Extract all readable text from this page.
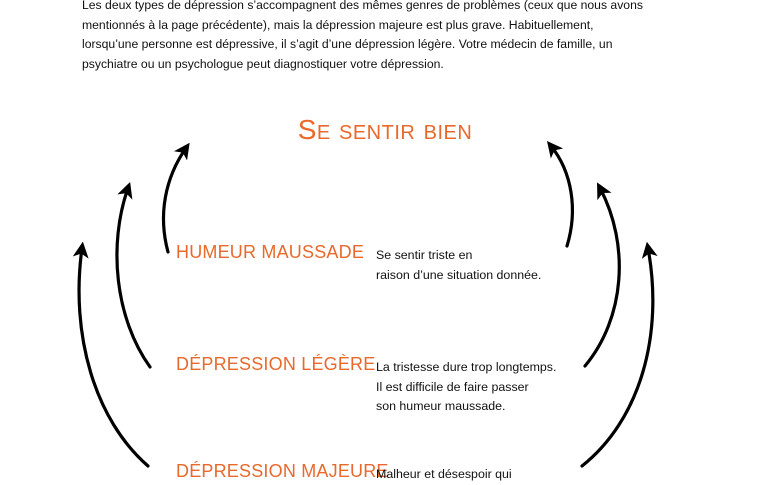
Les deux types de dépression s’accompagnent des mêmes genres de problèmes (ceux que nous avons
mentionnés à la page précédente), mais la dépression majeure est plus grave. Habituellement,
lorsqu’une personne est dépressive, il s’agit d’une dépression légère. Votre médecin de famille, un
psychiatre ou un psychologue peut diagnostiquer votre dépression.
Se sentir bien
HUMEUR MAUSSADE Se sentir triste en
raison d’une situation donnée.
DÉPRESSION LÉGÈRE La tristesse dure trop longtemps.
Il est difficile de faire passer
son humeur maussade.
DÉPRESSION MAJEURE
Malheur et désespoir qui
